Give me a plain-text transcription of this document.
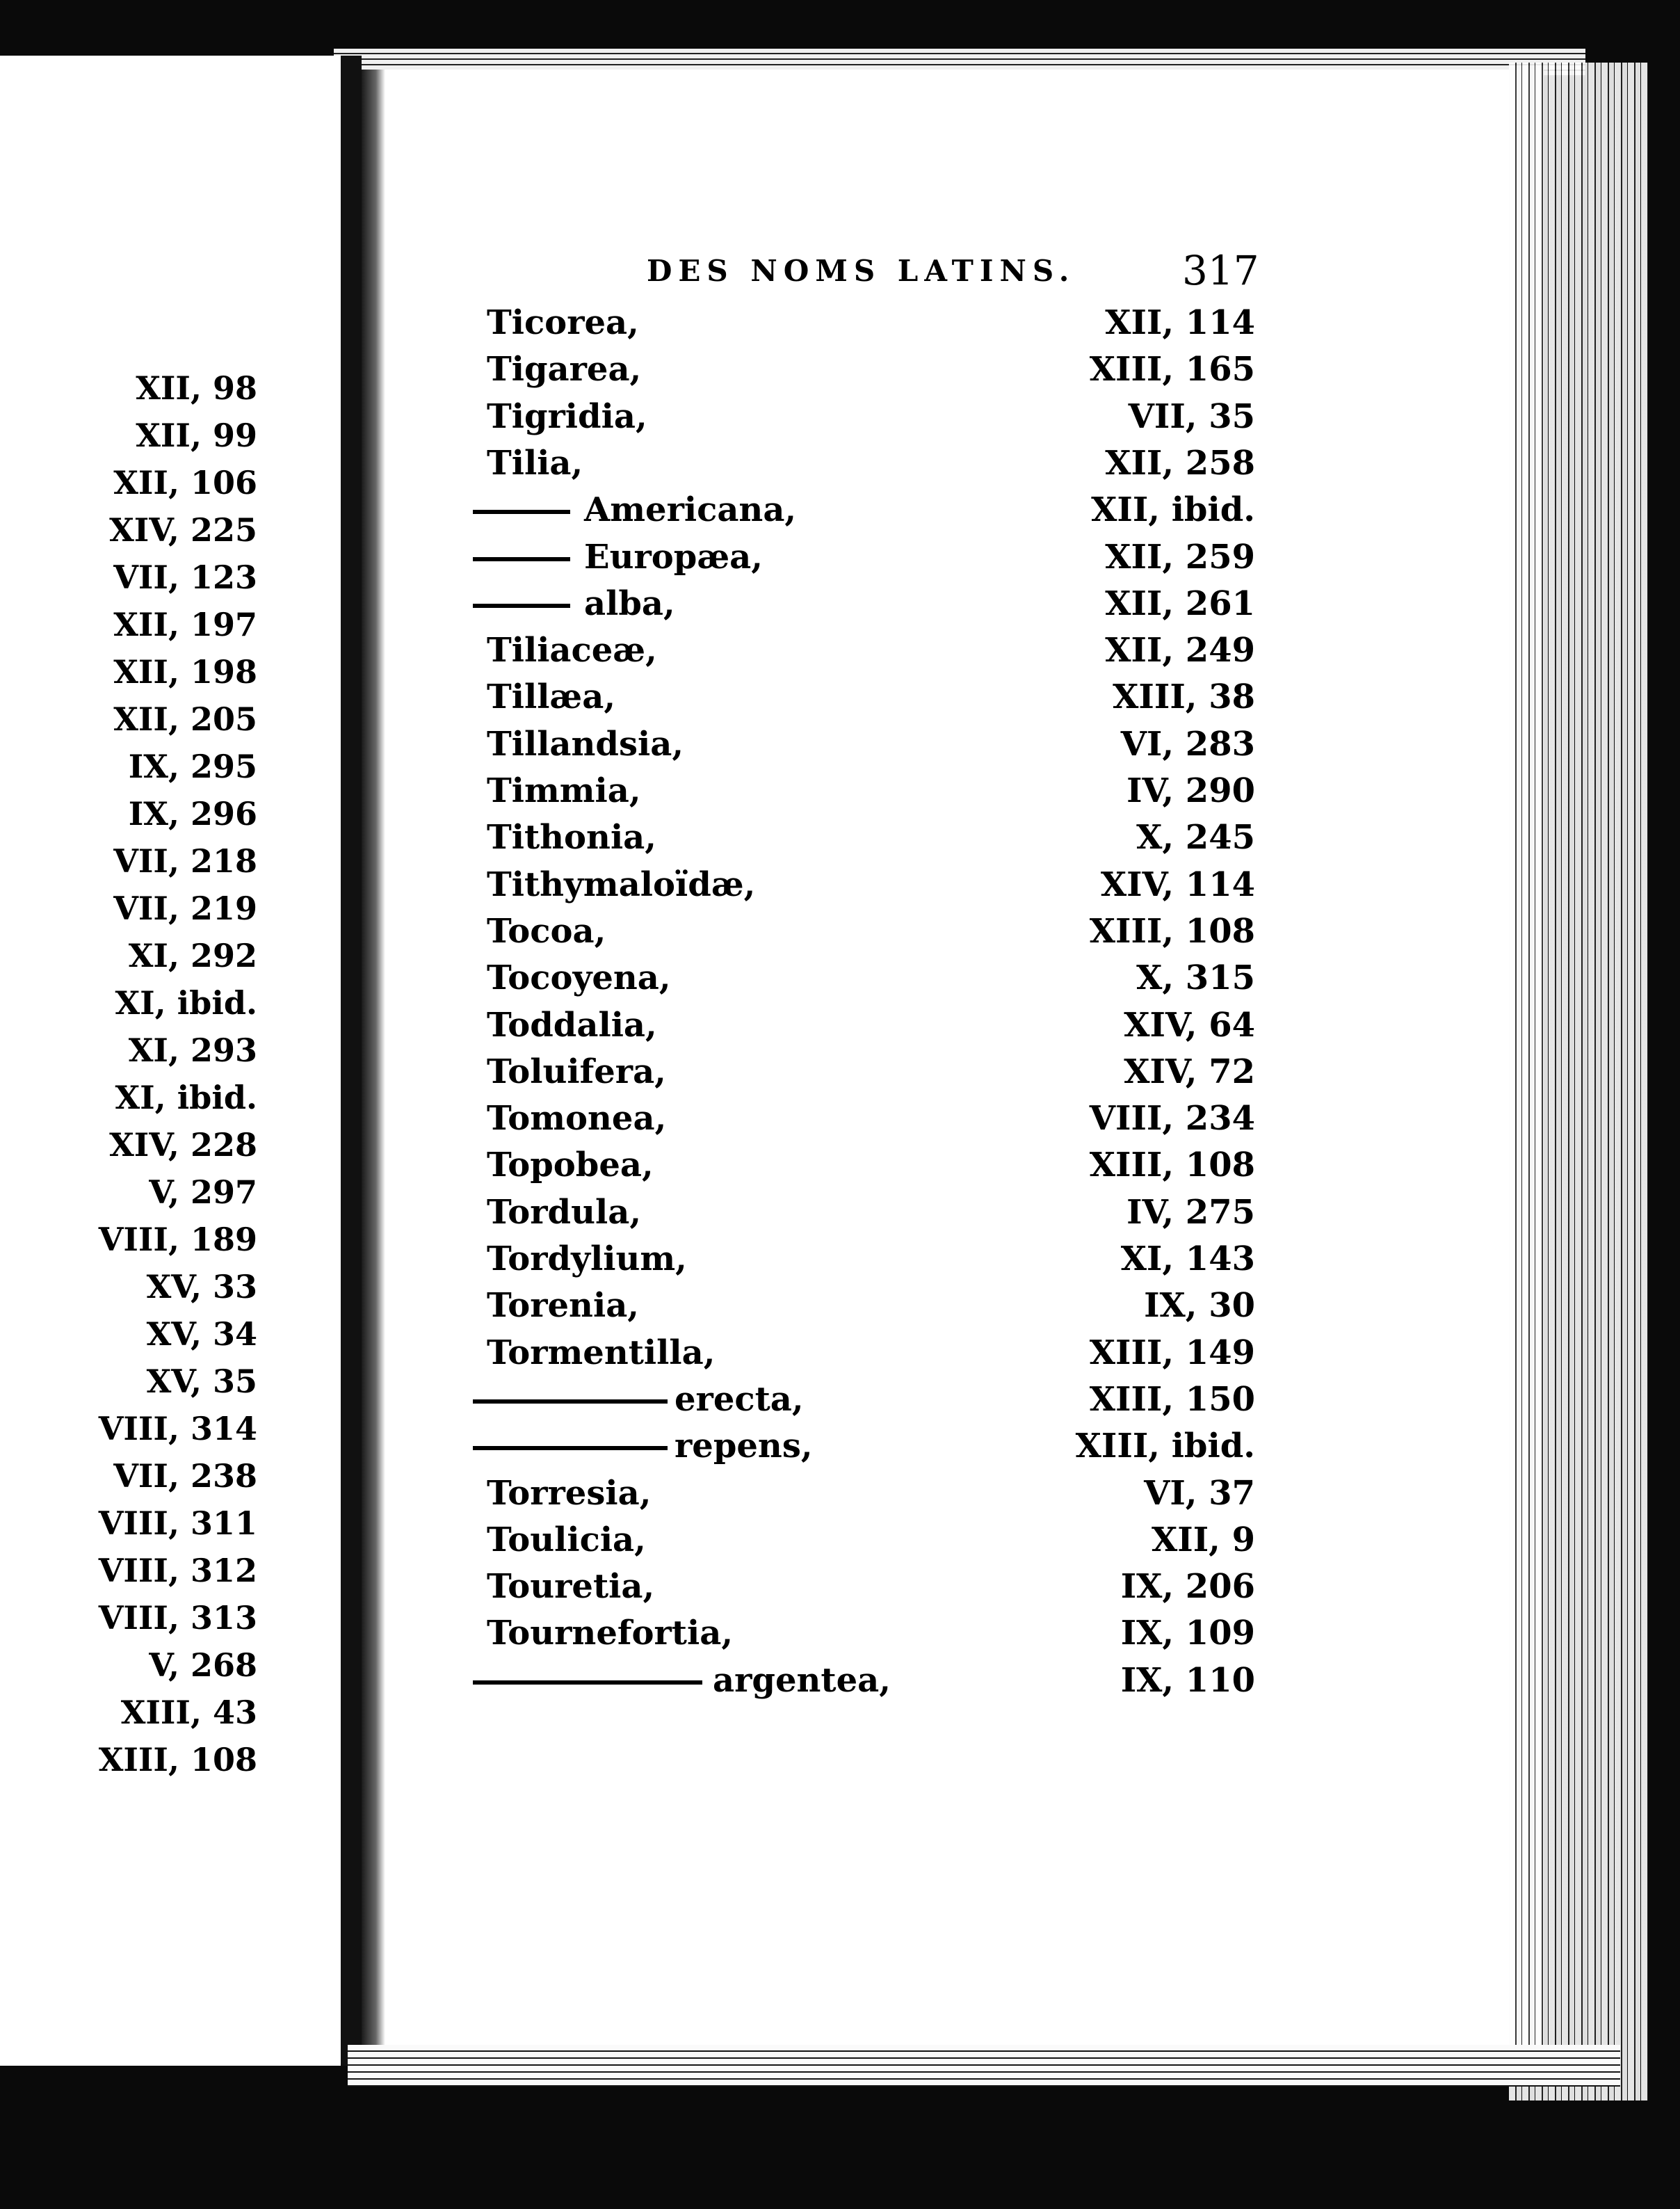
DES NOMS LATINS.	317
XII, 98
XII, 99
XII, 106
XIV, 225
VII, 123
XII, 197
XII, 198
XII, 205
IX, 295
IX, 296
VII, 218
VII, 219
XI, 292
XI, ibid.
XI, 293
XI, ibid.
XIV, 228
V, 297
VIII, 189
XV, 33
XV, 34
XV, 35
VIII, 314
VII, 238
VIII, 311
VIII, 312
VIII, 313
V, 268
XIII, 43
XIII, 108
Ticorea,	XII, 114
Tigarea,	XIII, 165
Tigridia,	VII, 35
Tilia,	XII, 258
Americana,	XII, ibid.
Europæa,	XII, 259
alba,	XII, 261
Tiliaceæ,	XII, 249
Tillæa,	XIII, 38
Tillandsia,	VI, 283
Timmia,	IV, 290
Tithonia,	X, 245
Tithymaloïdæ,	XIV, 114
Tocoa,	XIII, 108
Tocoyena,	X, 315
Toddalia,	XIV, 64
Toluifera,	XIV, 72
Tomonea,	VIII, 234
Topobea,	XIII, 108
Tordula,	IV, 275
Tordylium,	XI, 143
Torenia,	IX, 30
Tormentilla,	XIII, 149
erecta,	XIII, 150
repens,	XIII, ibid.
Torresia,	VI, 37
Toulicia,	XII, 9
Touretia,	IX, 206
Tournefortia,	IX, 109
argentea,	IX, 110
